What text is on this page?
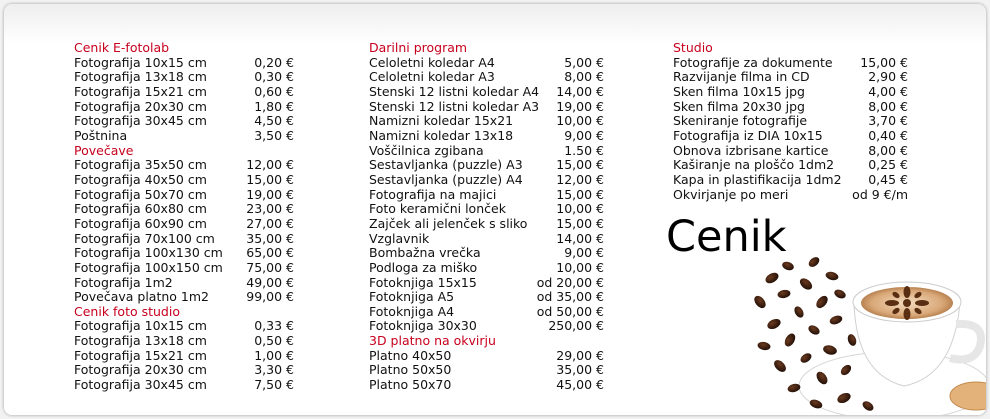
Cenik E-fotolab
Fotografija 10x15 cm	0,20 €
Fotografija 13x18 cm	0,30 €
Fotografija 15x21 cm	0,60 €
Fotografija 20x30 cm	1,80 €
Fotografija 30x45 cm	4,50 €
Poštnina	3,50 €
Povečave
Fotografija 35x50 cm	12,00 €
Fotografija 40x50 cm	15,00 €
Fotografija 50x70 cm	19,00 €
Fotografija 60x80 cm	23,00 €
Fotografija 60x90 cm	27,00 €
Fotografija 70x100 cm	35,00 €
Fotografija 100x130 cm 65,00 €
Fotografija 100x150 cm 75,00 €
Fotografija 1m2	49,00 €
Povečava platno 1m2	99,00 €
Cenik foto studio
Fotografija 10x15 cm	0,33 €
Fotografija 13x18 cm	0,50 €
Fotografija 15x21 cm	1,00 €
Fotografija 20x30 cm	3,30 €
Fotografija 30x45 cm	7,50 €
Darilni program
Celoletni koledar A4	5,00 €
Celoletni koledar A3	8,00 €
Stenski 12 listni koledar A4 14,00 €
Stenski 12 listni koledar A3 19,00 €
Namizni koledar 15x21	10,00 €
Namizni koledar 13x18	9,00 €
Voščilnica zgibana	1.50 €
Sestavljanka (puzzle) A3	15,00 €
Sestavljanka (puzzle) A4	12,00 €
Fotografija na majici	15,00 €
Foto keramični lonček	10,00 €
Zajček ali jelenček s sliko 15,00 €
Vzglavnik	14,00 €
Bombažna vrečka	9,00 €
Podloga za miško	10,00 €
Fotoknjiga 15x15	od 20,00 €
Fotoknjiga A5	od 35,00 €
Fotoknjiga A4	od 50,00 €
Fotoknjiga 30x30	250,00 €
3D platno na okvirju
Platno 40x50	29,00 €
Platno 50x50	35,00 €
Platno 50x70	45,00 €
Studio
Fotografije za dokumente 15,00 €
Razvijanje filma in CD	2,90 €
Sken filma 10x15 jpg	4,00 €
Sken filma 20x30 jpg	8,00 €
Skeniranje fotografije	3,70 €
Fotografija iz DIA 10x15	0,40 €
Obnova izbrisane kartice	8,00 €
Kaširanje na ploščo 1dm2	0,25 €
Kapa in plastifikacija 1dm2 0,45 €
Okvirjanje po meri	od 9 €/m
Cenik
